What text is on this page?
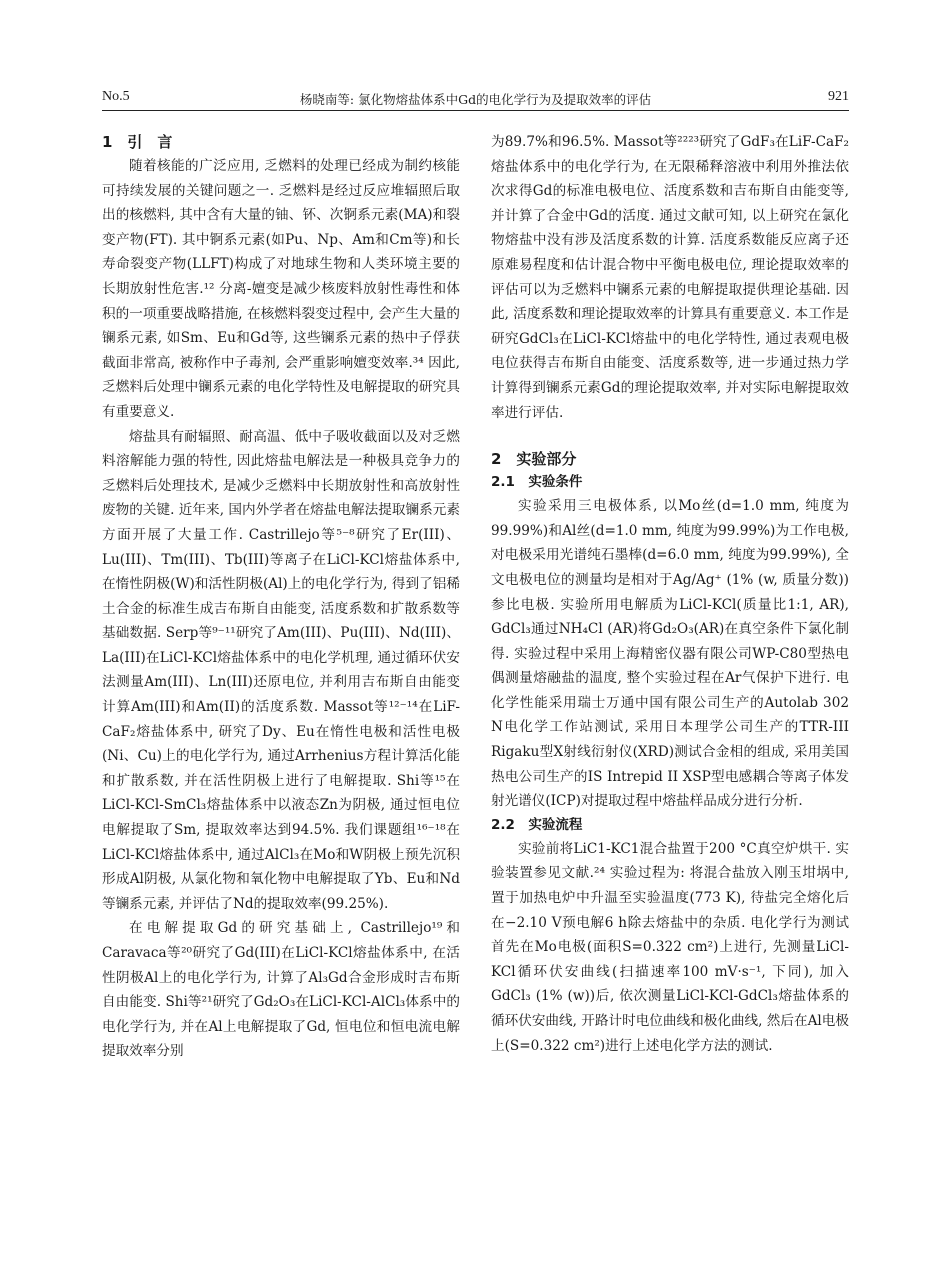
No.5	杨晓南等: 氯化物熔盐体系中Gd的电化学行为及提取效率的评估	921
1　引　言

随着核能的广泛应用, 乏燃料的处理已经成为制约核能可持续发展的关键问题之一. 乏燃料是经过反应堆辐照后取出的核燃料, 其中含有大量的铀、钚、次锕系元素(MA)和裂变产物(FT). 其中锕系元素(如Pu、Np、Am和Cm等)和长寿命裂变产物(LLFT)构成了对地球生物和人类环境主要的长期放射性危害.¹² 分离-嬗变是减少核废料放射性毒性和体积的一项重要战略措施, 在核燃料裂变过程中, 会产生大量的镧系元素, 如Sm、Eu和Gd等, 这些镧系元素的热中子俘获截面非常高, 被称作中子毒剂, 会严重影响嬗变效率.³⁴ 因此, 乏燃料后处理中镧系元素的电化学特性及电解提取的研究具有重要意义.

熔盐具有耐辐照、耐高温、低中子吸收截面以及对乏燃料溶解能力强的特性, 因此熔盐电解法是一种极具竞争力的乏燃料后处理技术, 是减少乏燃料中长期放射性和高放射性废物的关键. 近年来, 国内外学者在熔盐电解法提取镧系元素方面开展了大量工作. Castrillejo等⁵⁻⁸研究了Er(III)、Lu(III)、Tm(III)、Tb(III)等离子在LiCl-KCl熔盐体系中, 在惰性阴极(W)和活性阴极(Al)上的电化学行为, 得到了铝稀土合金的标准生成吉布斯自由能变, 活度系数和扩散系数等基础数据. Serp等⁹⁻¹¹研究了Am(III)、Pu(III)、Nd(III)、La(III)在LiCl-KCl熔盐体系中的电化学机理, 通过循环伏安法测量Am(III)、Ln(III)还原电位, 并利用吉布斯自由能变计算Am(III)和Am(II)的活度系数. Massot等¹²⁻¹⁴在LiF-CaF₂熔盐体系中, 研究了Dy、Eu在惰性电极和活性电极(Ni、Cu)上的电化学行为, 通过Arrhenius方程计算活化能和扩散系数, 并在活性阴极上进行了电解提取. Shi等¹⁵在LiCl-KCl-SmCl₃熔盐体系中以液态Zn为阴极, 通过恒电位电解提取了Sm, 提取效率达到94.5%. 我们课题组¹⁶⁻¹⁸在LiCl-KCl熔盐体系中, 通过AlCl₃在Mo和W阴极上预先沉积形成Al阴极, 从氯化物和氧化物中电解提取了Yb、Eu和Nd等镧系元素, 并评估了Nd的提取效率(99.25%).

在电解提取Gd的研究基础上, Castrillejo¹⁹和Caravaca等²⁰研究了Gd(III)在LiCl-KCl熔盐体系中, 在活性阴极Al上的电化学行为, 计算了Al₃Gd合金形成时吉布斯自由能变. Shi等²¹研究了Gd₂O₃在LiCl-KCl-AlCl₃体系中的电化学行为, 并在Al上电解提取了Gd, 恒电位和恒电流电解提取效率分别

为89.7%和96.5%. Massot等²²²³研究了GdF₃在LiF-CaF₂熔盐体系中的电化学行为, 在无限稀释溶液中利用外推法依次求得Gd的标准电极电位、活度系数和吉布斯自由能变等, 并计算了合金中Gd的活度. 通过文献可知, 以上研究在氯化物熔盐中没有涉及活度系数的计算. 活度系数能反应离子还原难易程度和估计混合物中平衡电极电位, 理论提取效率的评估可以为乏燃料中镧系元素的电解提取提供理论基础. 因此, 活度系数和理论提取效率的计算具有重要意义. 本工作是研究GdCl₃在LiCl-KCl熔盐中的电化学特性, 通过表观电极电位获得吉布斯自由能变、活度系数等, 进一步通过热力学计算得到镧系元素Gd的理论提取效率, 并对实际电解提取效率进行评估.

2　实验部分
2.1　实验条件

实验采用三电极体系, 以Mo丝(d=1.0 mm, 纯度为99.99%)和Al丝(d=1.0 mm, 纯度为99.99%)为工作电极, 对电极采用光谱纯石墨棒(d=6.0 mm, 纯度为99.99%), 全文电极电位的测量均是相对于Ag/Ag⁺ (1% (w, 质量分数))参比电极. 实验所用电解质为LiCl-KCl(质量比1:1, AR), GdCl₃通过NH₄Cl (AR)将Gd₂O₃(AR)在真空条件下氯化制得. 实验过程中采用上海精密仪器有限公司WP-C80型热电偶测量熔融盐的温度, 整个实验过程在Ar气保护下进行. 电化学性能采用瑞士万通中国有限公司生产的Autolab 302 N电化学工作站测试, 采用日本理学公司生产的TTR-III Rigaku型X射线衍射仪(XRD)测试合金相的组成, 采用美国热电公司生产的IS Intrepid II XSP型电感耦合等离子体发射光谱仪(ICP)对提取过程中熔盐样品成分进行分析.

2.2　实验流程

实验前将LiC1-KC1混合盐置于200 °C真空炉烘干. 实验装置参见文献.²⁴ 实验过程为: 将混合盐放入刚玉坩埚中, 置于加热电炉中升温至实验温度(773 K), 待盐完全熔化后在−2.10 V预电解6 h除去熔盐中的杂质. 电化学行为测试首先在Mo电极(面积S=0.322 cm²)上进行, 先测量LiCl-KCl循环伏安曲线(扫描速率100 mV·s⁻¹, 下同), 加入GdCl₃ (1% (w))后, 依次测量LiCl-KCl-GdCl₃熔盐体系的循环伏安曲线, 开路计时电位曲线和极化曲线, 然后在Al电极上(S=0.322 cm²)进行上述电化学方法的测试.
